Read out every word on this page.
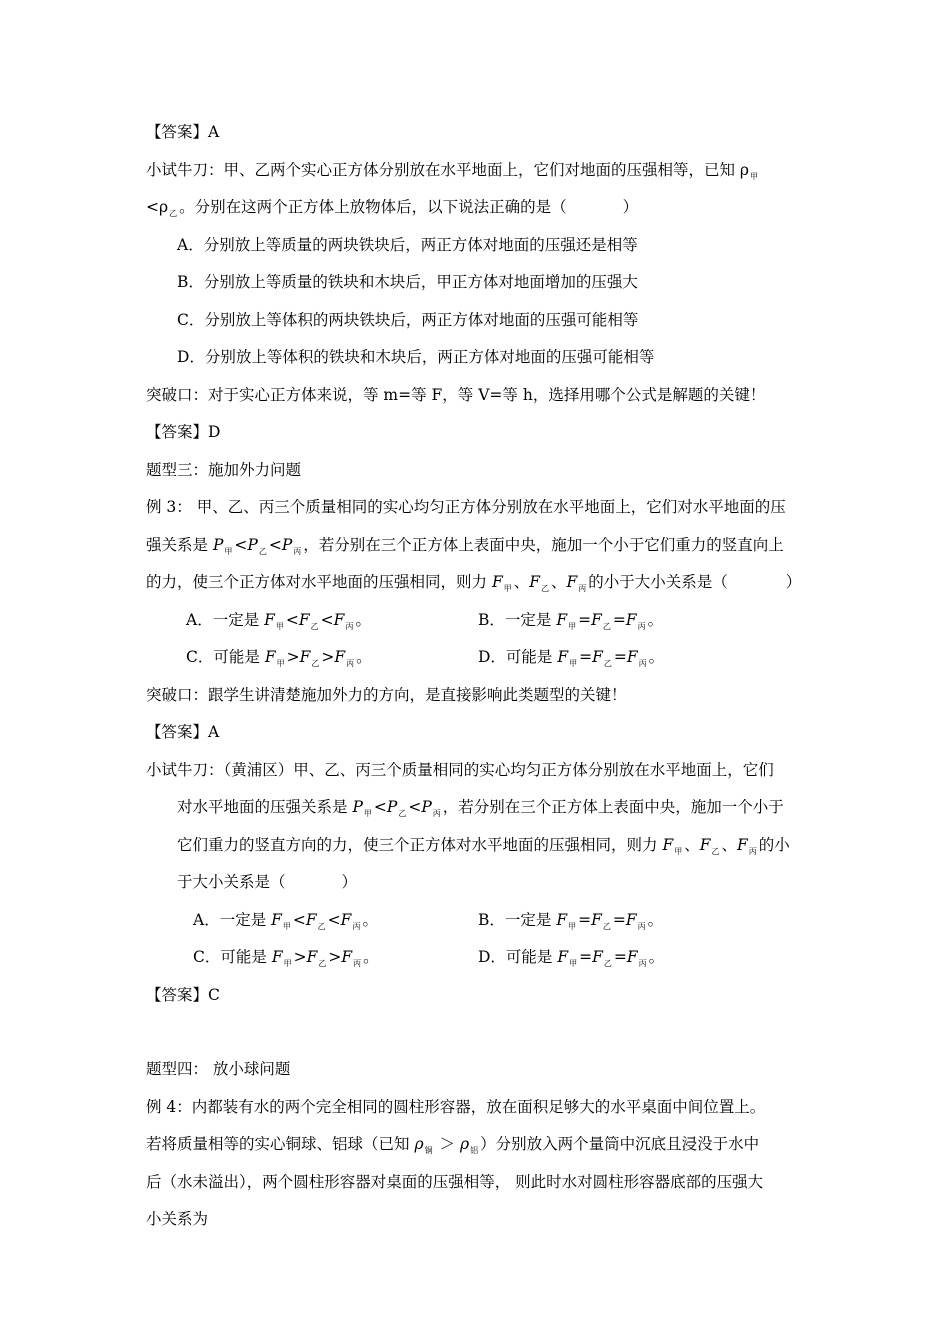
【答案】A
小试牛刀：甲、乙两个实心正方体分别放在水平地面上，它们对地面的压强相等，已知 $\rho_甲$
$<\rho_乙$ 。分别在这两个正方体上放物体后，以下说法正确的是（	）
A．分别放上等质量的两块铁块后，两正方体对地面的压强还是相等
B．分别放上等质量的铁块和木块后，甲正方体对地面增加的压强大
C．分别放上等体积的两块铁块后，两正方体对地面的压强可能相等
D．分别放上等体积的铁块和木块后，两正方体对地面的压强可能相等
突破口：对于实心正方体来说，等 m=等 F，等 V=等 h，选择用哪个公式是解题的关键！
【答案】D
题型三：施加外力问题
例 3： 甲、乙、丙三个质量相同的实心均匀正方体分别放在水平地面上，它们对水平地面的压
强关系是 $P_甲 <P_乙 <P_丙$ ，若分别在三个正方体上表面中央，施加一个小于它们重力的竖直向上
的力，使三个正方体对水平地面的压强相同，则力 $F_甲$ 、$F_乙$ 、$F_丙$ 的小于大小关系是（	）
A．一定是 $F_甲 <F_乙 <F_丙$ 。	B．一定是 $F_甲 =F_乙 =F_丙$ 。
C．可能是 $F_甲 >F_乙 >F_丙$ 。	D．可能是 $F_甲 =F_乙 =F_丙$ 。
突破口：跟学生讲清楚施加外力的方向，是直接影响此类题型的关键！
【答案】A
小试牛刀：（黄浦区）甲、乙、丙三个质量相同的实心均匀正方体分别放在水平地面上，它们
对水平地面的压强关系是 $P_甲 <P_乙 <P_丙$ ，若分别在三个正方体上表面中央，施加一个小于
它们重力的竖直方向的力，使三个正方体对水平地面的压强相同，则力 $F_甲$ 、$F_乙$ 、$F_丙$ 的小
于大小关系是（	）
A．一定是 $F_甲 <F_乙 <F_丙$ 。	B．一定是 $F_甲 =F_乙 =F_丙$ 。
C．可能是 $F_甲 >F_乙 >F_丙$ 。	D．可能是 $F_甲 =F_乙 =F_丙$ 。
【答案】C
题型四： 放小球问题
例 4：内都装有水的两个完全相同的圆柱形容器，放在面积足够大的水平桌面中间位置上。
若将质量相等的实心铜球、铝球（已知 $\rho_铜 > \rho_铝$ ）分别放入两个量筒中沉底且浸没于水中
后（水未溢出），两个圆柱形容器对桌面的压强相等， 则此时水对圆柱形容器底部的压强大
小关系为
